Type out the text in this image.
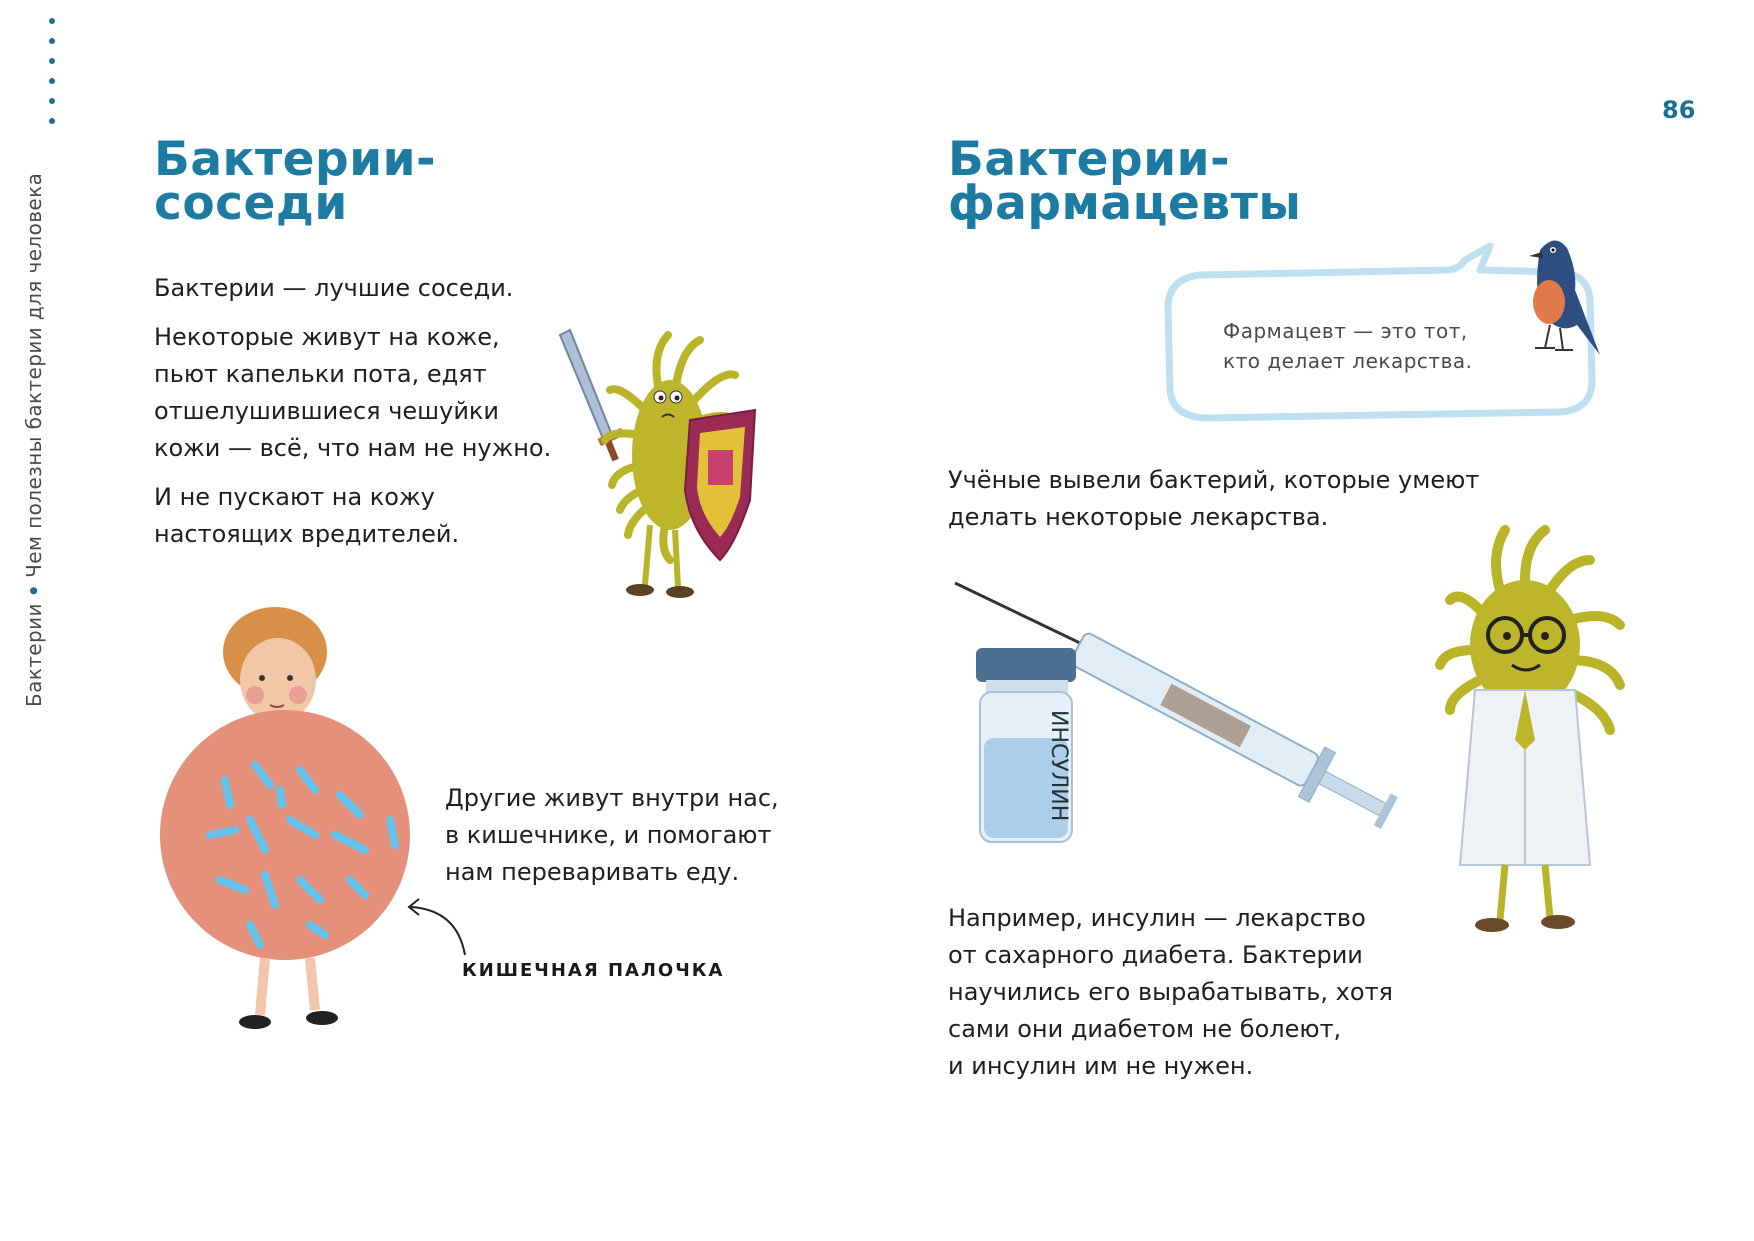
Бактерии•Чем полезны бактерии для человека
86
Бактерии-
соседи

Бактерии — лучшие соседи.

Некоторые живут на коже,
пьют капельки пота, едят
отшелушившиеся чешуйки
кожи — всё, что нам не нужно.

И не пускают на кожу
настоящих вредителей.

Другие живут внутри нас,
в кишечнике, и помогают
нам переваривать еду.
КИШЕЧНАЯ ПАЛОЧКА
Бактерии-
фармацевты
Фармацевт — это тот,
кто делает лекарства.
Учёные вывели бактерий, которые умеют
делать некоторые лекарства.
ИНСУЛИН
Например, инсулин — лекарство
от сахарного диабета. Бактерии
научились его вырабатывать, хотя
сами они диабетом не болеют,
и инсулин им не нужен.
